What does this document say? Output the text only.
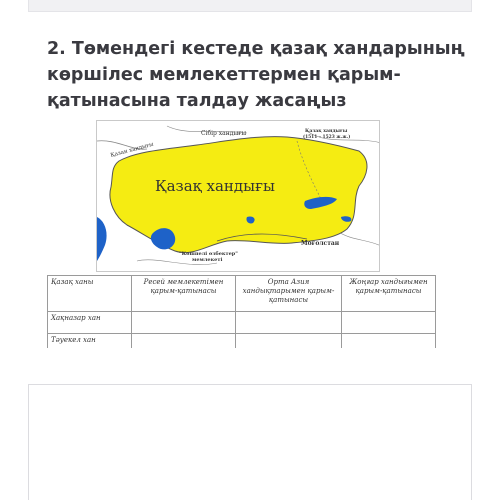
2. Төмендегі кестеде қазақ хандарының көршілес мемлекеттермен қарым-қатынасына талдау жасаңыз

Қазақ хандығы
Қазан хандығы
Сібір хандығы	Қазақ хандығы
(1511 – 1523 ж.ж.)
Моғолстан
"Көшпелі өзбектер"
мемлекеті
Қазақ ханы	Ресей мемлекетімен қарым-қатынасы	Орта Азия хандықтарымен қарым-қатынасы	Жоңғар хандығымен қарым-қатынасы
Хақназар хан			
Тәуекел хан			
